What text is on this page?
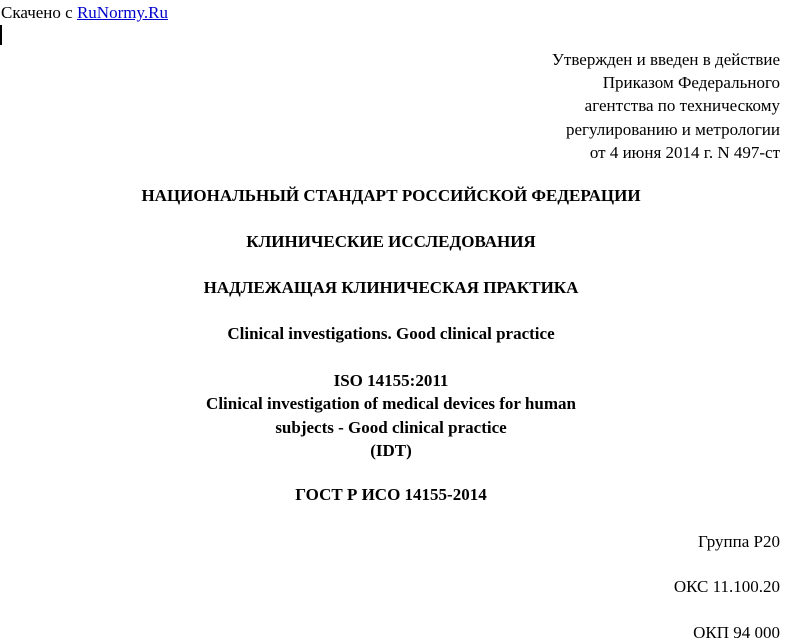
Скачено с RuNormy.Ru
Утвержден и введен в действие
Приказом Федерального
агентства по техническому
регулированию и метрологии
от 4 июня 2014 г. N 497-ст
НАЦИОНАЛЬНЫЙ СТАНДАРТ РОССИЙСКОЙ ФЕДЕРАЦИИ
КЛИНИЧЕСКИЕ ИССЛЕДОВАНИЯ
НАДЛЕЖАЩАЯ КЛИНИЧЕСКАЯ ПРАКТИКА
Clinical investigations. Good clinical practice
ISO 14155:2011
Clinical investigation of medical devices for human
subjects - Good clinical practice
(IDT)
ГОСТ Р ИСО 14155-2014
Группа Р20
ОКС 11.100.20
ОКП 94 000
